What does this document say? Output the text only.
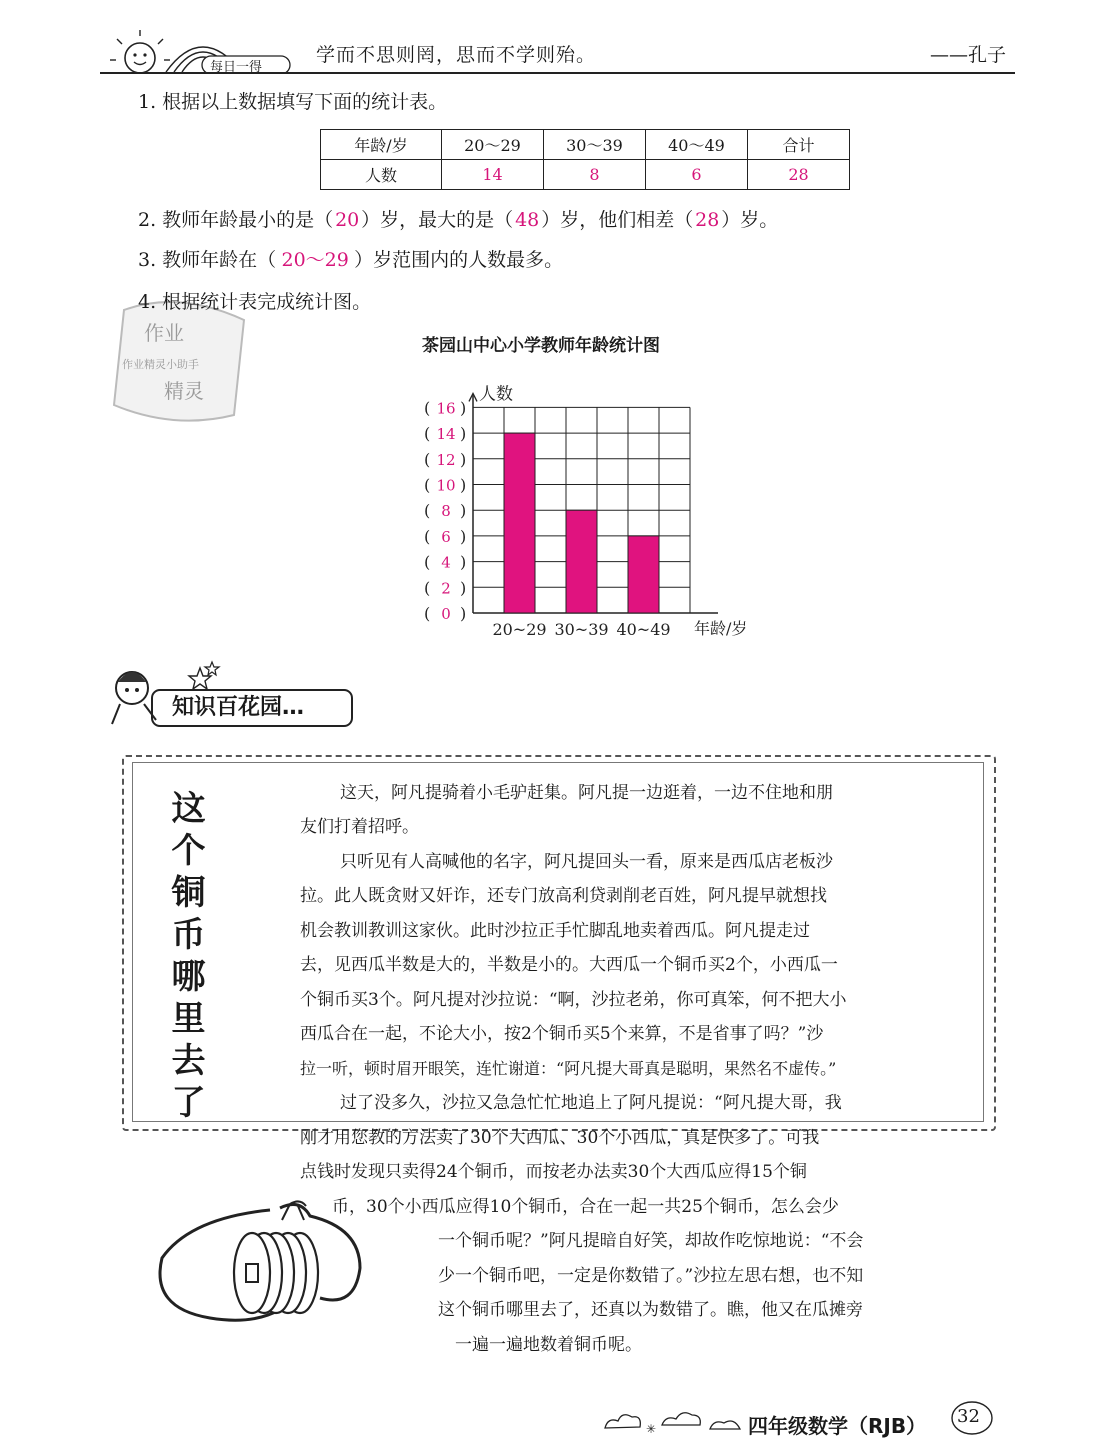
每日一得
学而不思则罔，思而不学则殆。	——孔子
1. 根据以上数据填写下面的统计表。
年龄/岁	20～29	30～39	40～49	合计
人数	14	8	6	28
2. 教师年龄最小的是（ 20 ）岁，最大的是（ 48 ）岁，他们相差（ 28 ）岁。
3. 教师年龄在（ 20～29 ）岁范围内的人数最多。
作业
作业精灵小助手
精灵
4. 根据统计表完成统计图。
茶园山中心小学教师年龄统计图
人数
年龄/岁
( 16 )
( 14 )
( 12 )
( 10 )
( 8 )
( 6 )
( 4 )
( 2 )
( 0 )
20~29 30~39 40~49
知识百花园…
这个铜币哪里去了	这天，阿凡提骑着小毛驴赶集。阿凡提一边逛着，一边不住地和朋
友们打着招呼。
只听见有人高喊他的名字，阿凡提回头一看，原来是西瓜店老板沙
拉。此人既贪财又奸诈，还专门放高利贷剥削老百姓，阿凡提早就想找
机会教训教训这家伙。此时沙拉正手忙脚乱地卖着西瓜。阿凡提走过
去，见西瓜半数是大的，半数是小的。大西瓜一个铜币买2个，小西瓜一
个铜币买3个。阿凡提对沙拉说：“啊，沙拉老弟，你可真笨，何不把大小
西瓜合在一起，不论大小，按2个铜币买5个来算，不是省事了吗？”沙
拉一听，顿时眉开眼笑，连忙谢道：“阿凡提大哥真是聪明，果然名不虚传。”
过了没多久，沙拉又急急忙忙地追上了阿凡提说：“阿凡提大哥，我
刚才用您教的方法卖了30个大西瓜、30个小西瓜，真是快多了。可我
点钱时发现只卖得24个铜币，而按老办法卖30个大西瓜应得15个铜
币，30个小西瓜应得10个铜币，合在一起一共25个铜币，怎么会少
一个铜币呢？”阿凡提暗自好笑，却故作吃惊地说：“不会
少一个铜币吧，一定是你数错了。”沙拉左思右想，也不知
这个铜币哪里去了，还真以为数错了。瞧，他又在瓜摊旁
一遍一遍地数着铜币呢。
✳	四年级数学（RJB） 32
